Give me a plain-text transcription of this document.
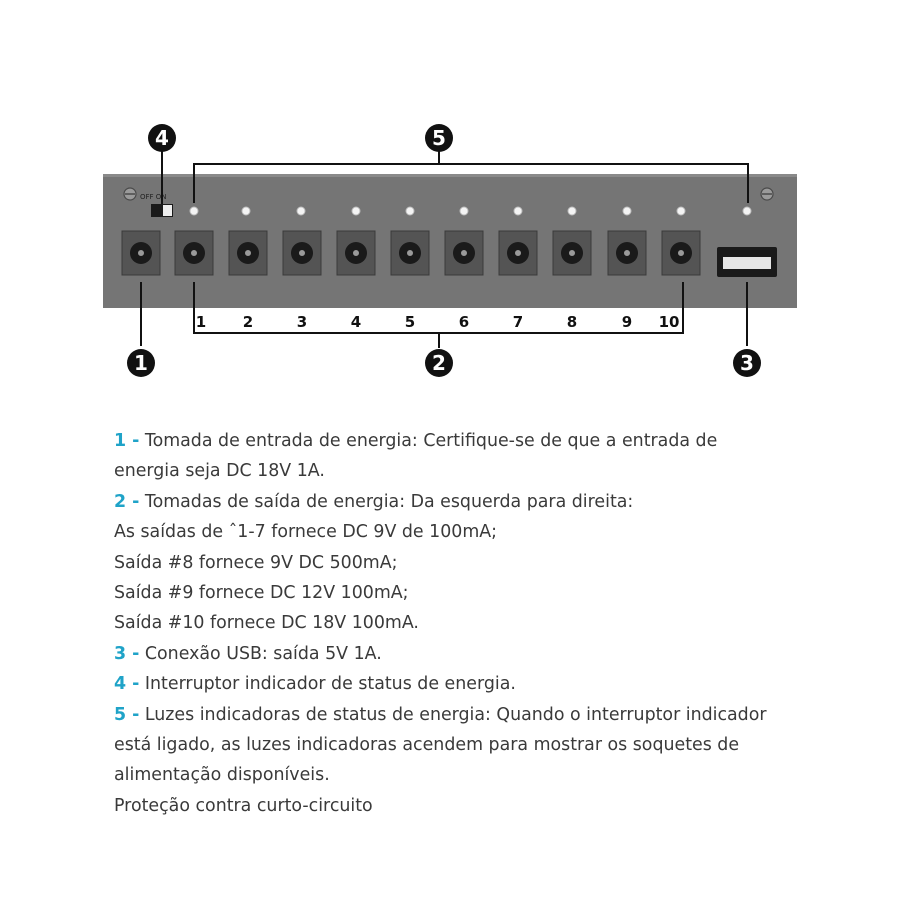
OFF ON
1 2	3	4	5	6	7	8	9 10
1	2	3
4	5

1 - Tomada de entrada de energia: Certifique-se de que a entrada de

energia seja DC 18V 1A.

2 - Tomadas de saída de energia: Da esquerda para direita:

As saídas de ˆ1-7 fornece DC 9V de 100mA;

Saída #8 fornece 9V DC 500mA;

Saída #9 fornece DC 12V 100mA;

Saída #10 fornece DC 18V 100mA.

3 - Conexão USB: saída 5V 1A.

4 - Interruptor indicador de status de energia.

5 - Luzes indicadoras de status de energia: Quando o interruptor indicador

está ligado, as luzes indicadoras acendem para mostrar os soquetes de

alimentação disponíveis.

Proteção contra curto-circuito
